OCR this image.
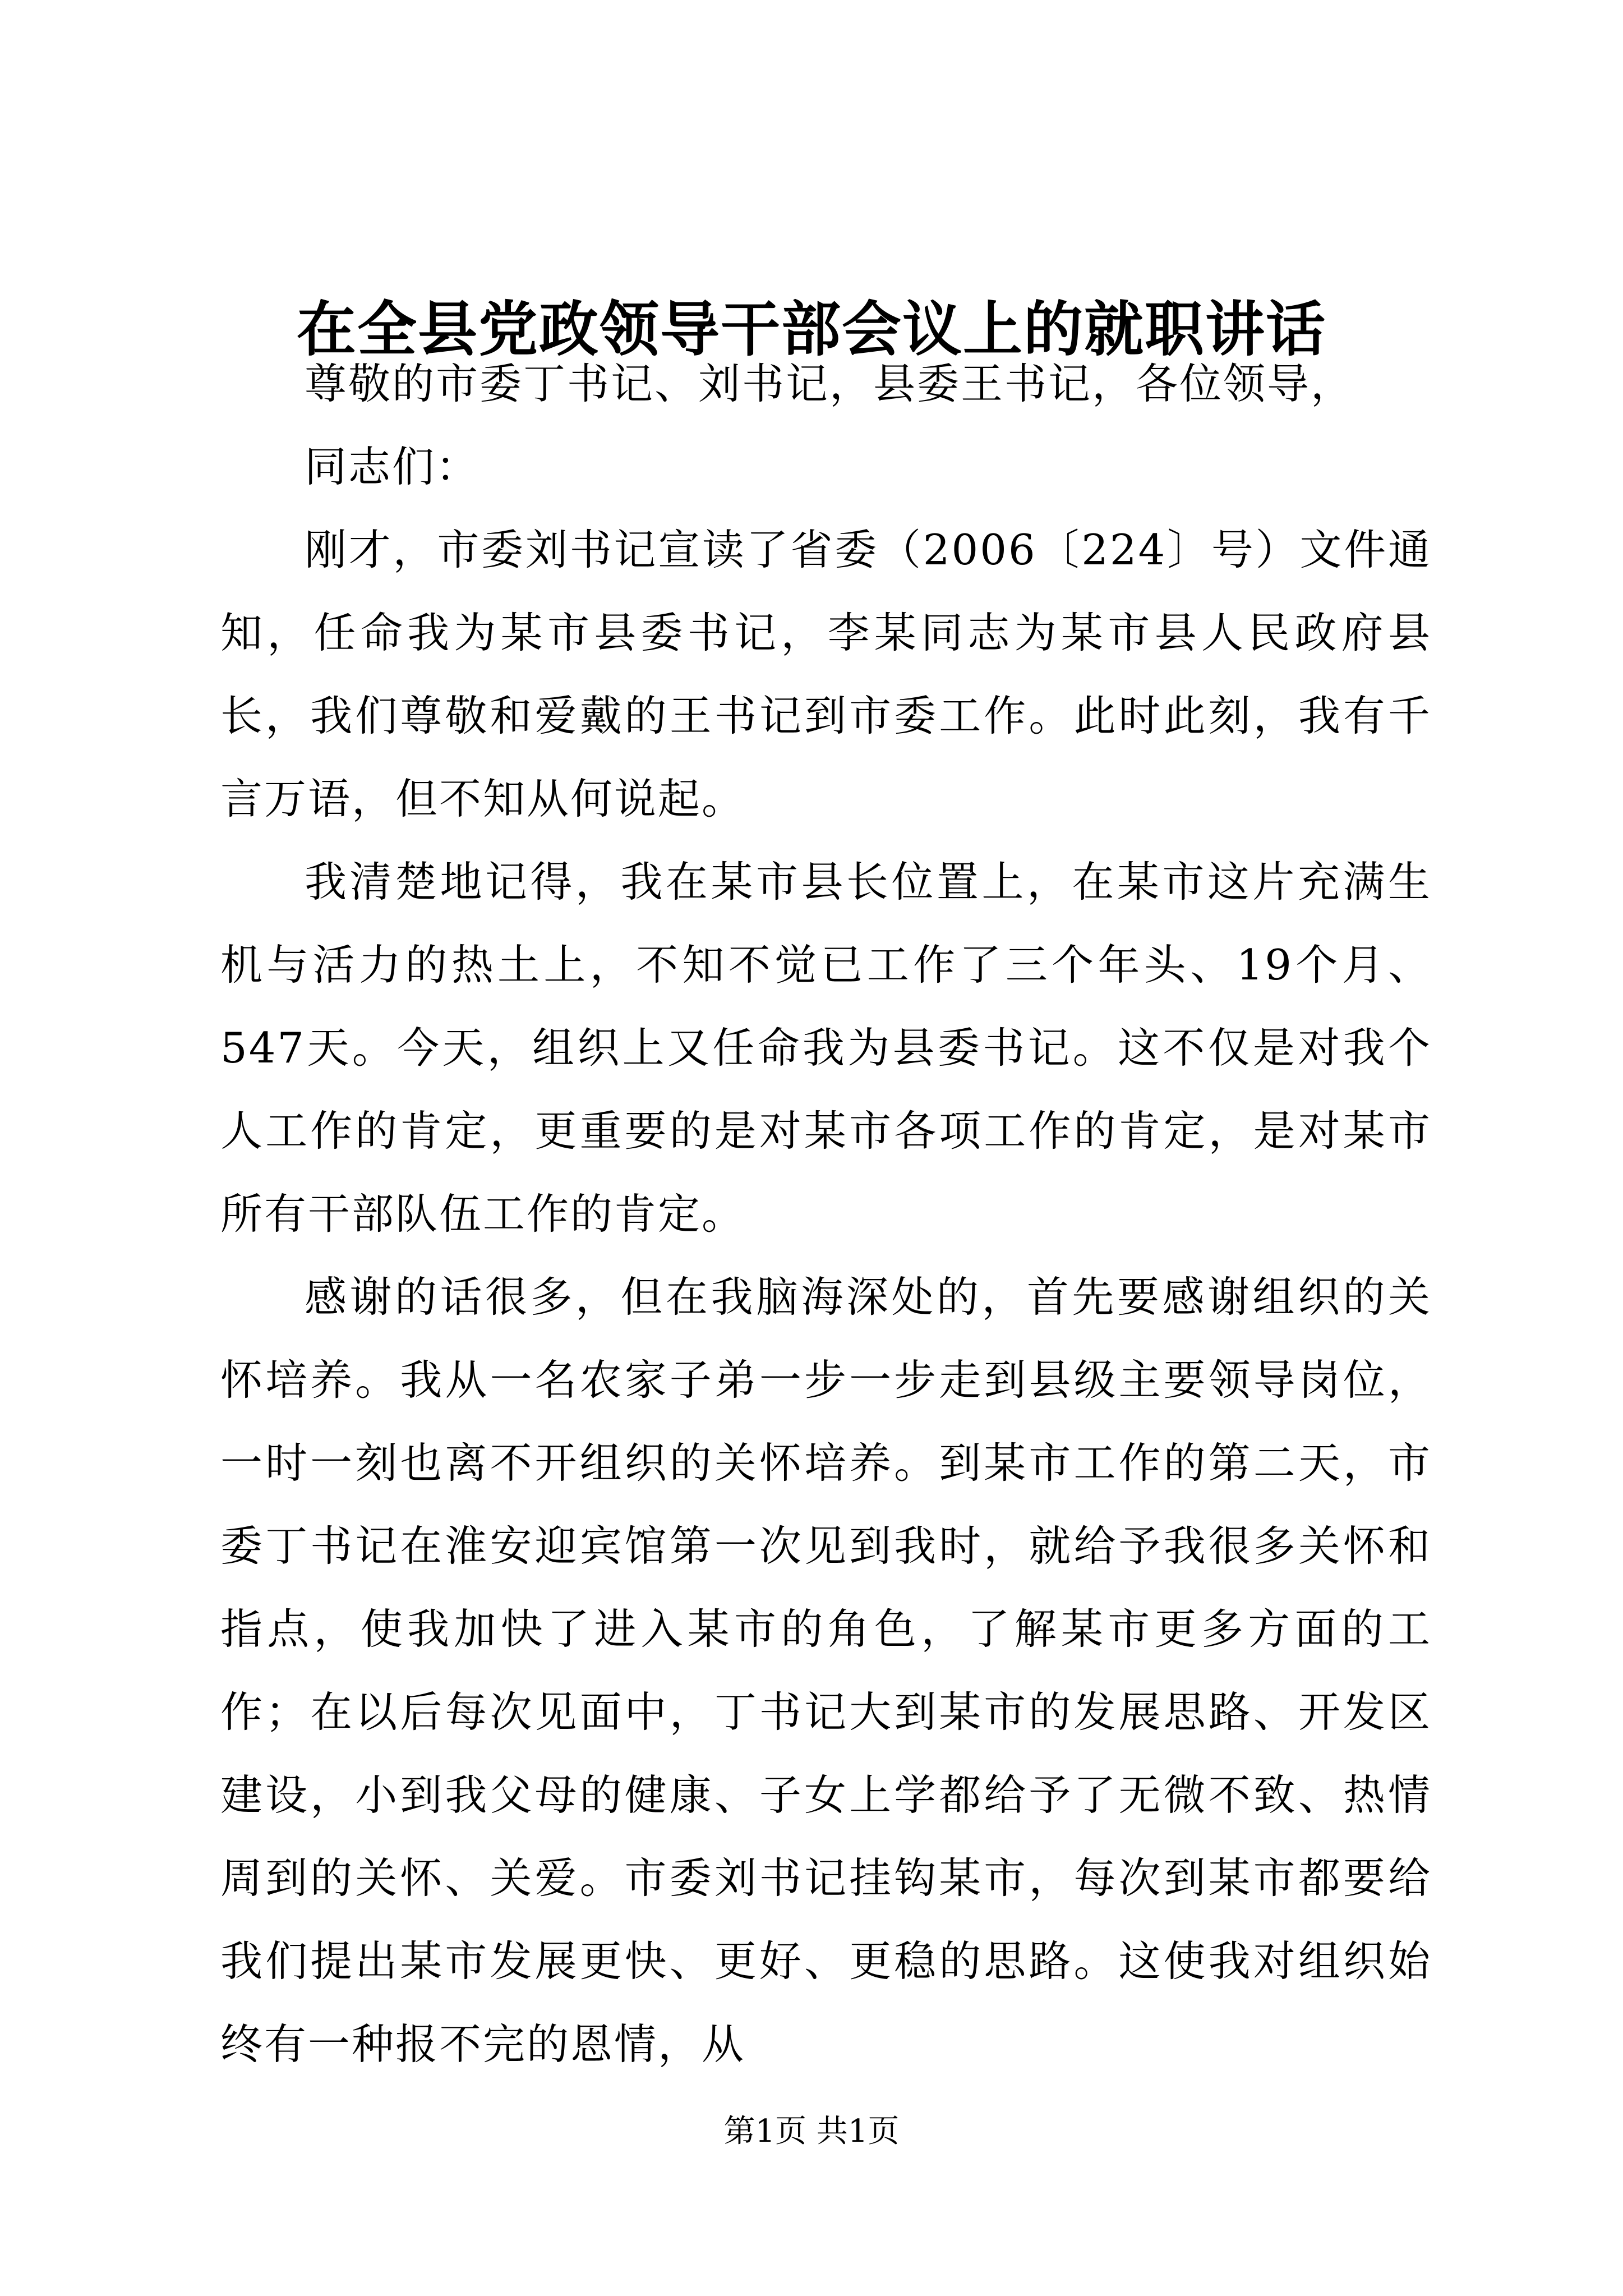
在全县党政领导干部会议上的就职讲话

尊敬的市委丁书记、刘书记，县委王书记，各位领导，

同志们：

刚才，市委刘书记宣读了省委（2006〔224〕号）文件通知，任命我为某市县委书记，李某同志为某市县人民政府县长，我们尊敬和爱戴的王书记到市委工作。此时此刻，我有千言万语，但不知从何说起。

我清楚地记得，我在某市县长位置上，在某市这片充满生机与活力的热土上，不知不觉已工作了三个年头、19个月、547天。今天，组织上又任命我为县委书记。这不仅是对我个人工作的肯定，更重要的是对某市各项工作的肯定，是对某市所有干部队伍工作的肯定。

感谢的话很多，但在我脑海深处的，首先要感谢组织的关怀培养。我从一名农家子弟一步一步走到县级主要领导岗位，一时一刻也离不开组织的关怀培养。到某市工作的第二天，市委丁书记在淮安迎宾馆第一次见到我时，就给予我很多关怀和指点，使我加快了进入某市的角色，了解某市更多方面的工作；在以后每次见面中，丁书记大到某市的发展思路、开发区建设，小到我父母的健康、子女上学都给予了无微不致、热情周到的关怀、关爱。市委刘书记挂钩某市，每次到某市都要给我们提出某市发展更快、更好、更稳的思路。这使我对组织始终有一种报不完的恩情，从

第1页 共1页
